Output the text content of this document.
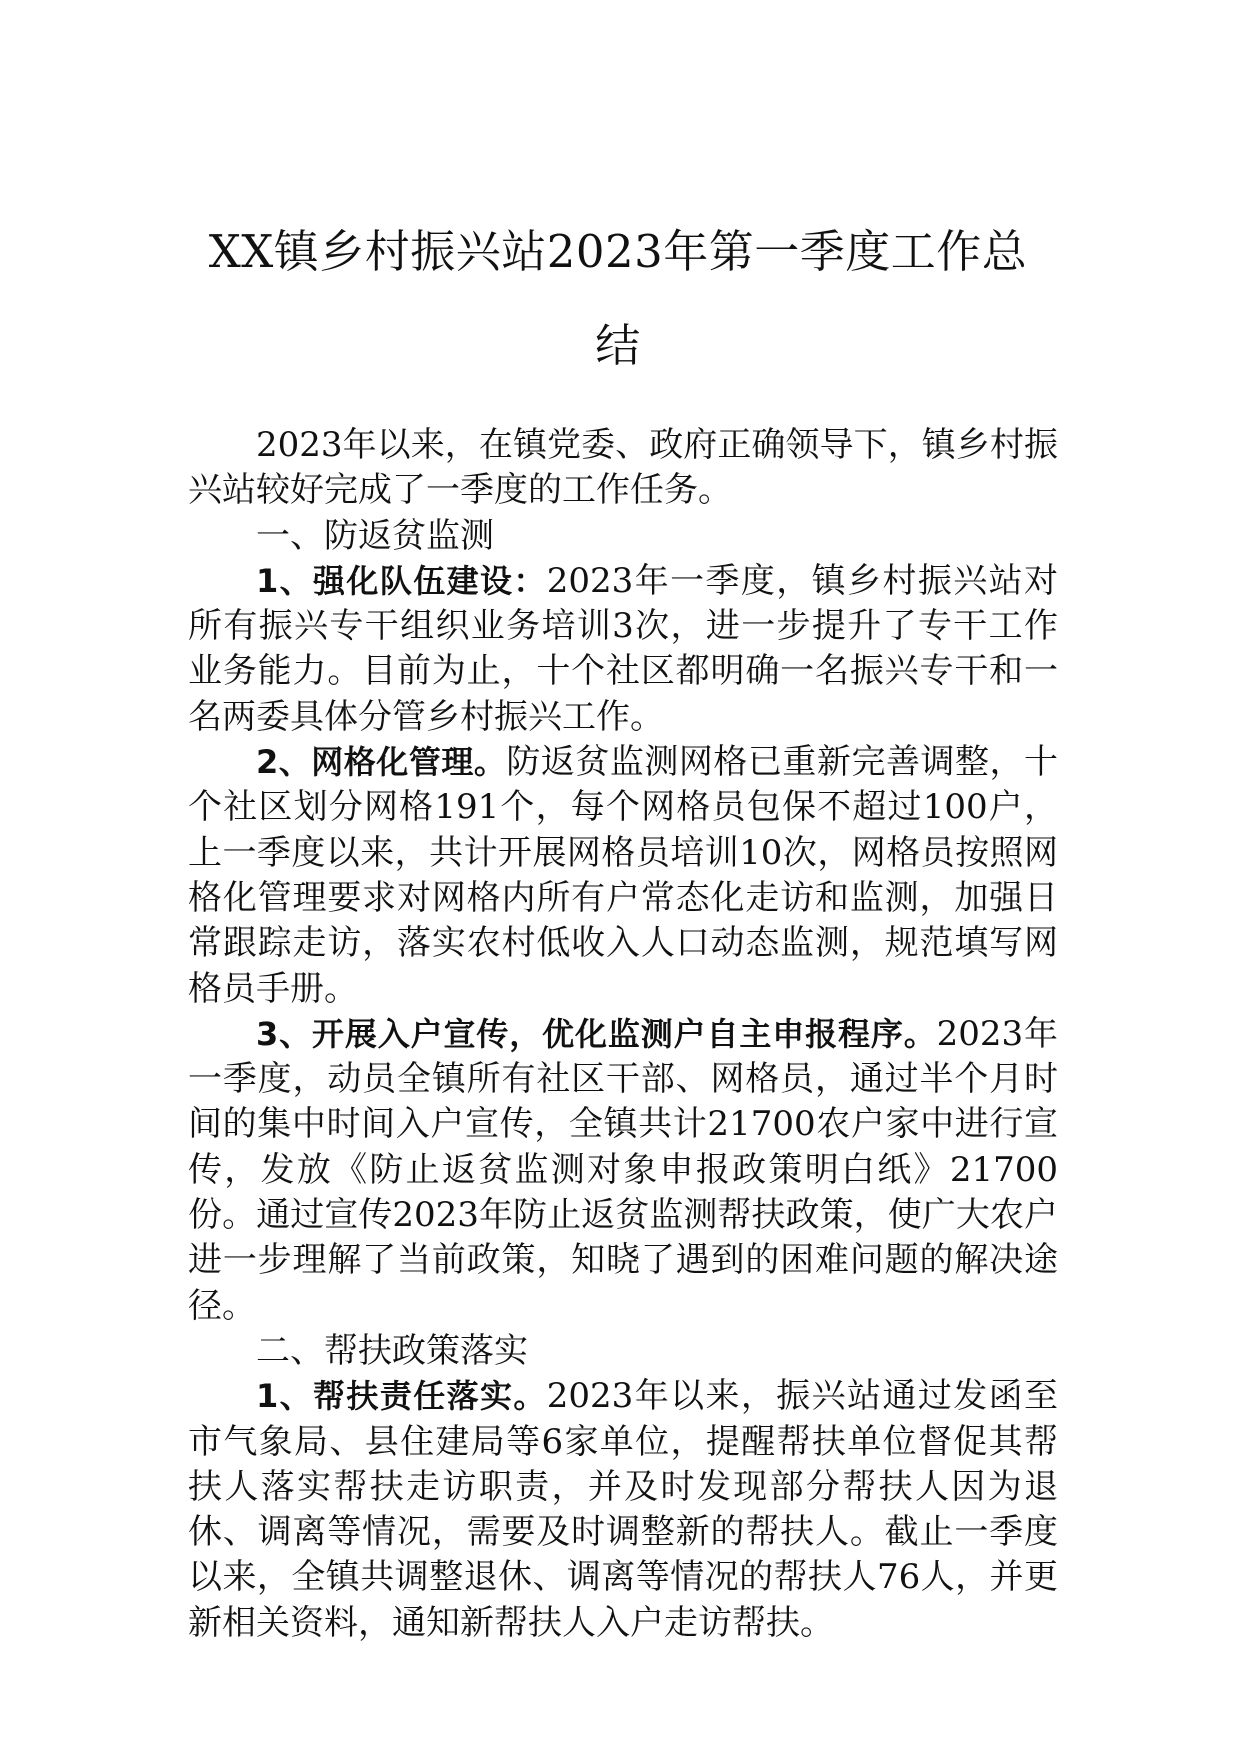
XX镇乡村振兴站2023年第一季度工作总
结

2023年以来，在镇党委、政府正确领导下，镇乡村振兴站较好完成了一季度的工作任务。

一、防返贫监测

1、强化队伍建设：2023年一季度，镇乡村振兴站对所有振兴专干组织业务培训3次，进一步提升了专干工作业务能力。目前为止，十个社区都明确一名振兴专干和一名两委具体分管乡村振兴工作。

2、网格化管理。防返贫监测网格已重新完善调整，十个社区划分网格191个，每个网格员包保不超过100户，上一季度以来，共计开展网格员培训10次，网格员按照网格化管理要求对网格内所有户常态化走访和监测，加强日常跟踪走访，落实农村低收入人口动态监测，规范填写网格员手册。

3、开展入户宣传，优化监测户自主申报程序。2023年一季度，动员全镇所有社区干部、网格员，通过半个月时间的集中时间入户宣传，全镇共计21700农户家中进行宣传，发放《防止返贫监测对象申报政策明白纸》21700份。通过宣传2023年防止返贫监测帮扶政策，使广大农户进一步理解了当前政策，知晓了遇到的困难问题的解决途径。

二、帮扶政策落实

1、帮扶责任落实。2023年以来，振兴站通过发函至市气象局、县住建局等6家单位，提醒帮扶单位督促其帮扶人落实帮扶走访职责，并及时发现部分帮扶人因为退休、调离等情况，需要及时调整新的帮扶人。截止一季度以来，全镇共调整退休、调离等情况的帮扶人76人，并更新相关资料，通知新帮扶人入户走访帮扶。
